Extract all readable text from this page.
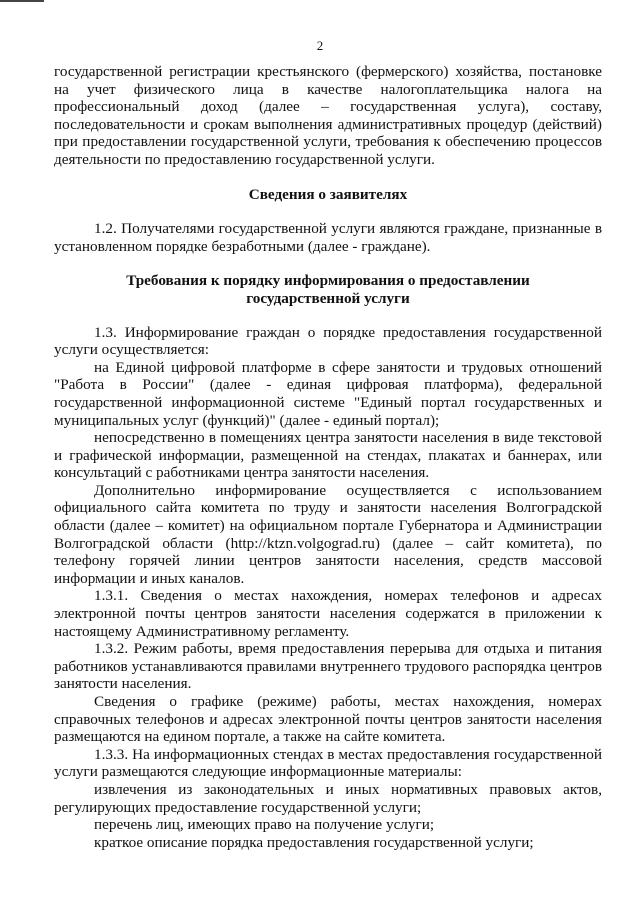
2
государственной регистрации крестьянского (фермерского) хозяйства, постановке на учет физического лица в качестве налогоплательщика налога на профессиональный доход (далее – государственная услуга), составу, последовательности и срокам выполнения административных процедур (действий) при предоставлении государственной услуги, требования к обеспечению процессов деятельности по предоставлению государственной услуги.
Сведения о заявителях
1.2. Получателями государственной услуги являются граждане, признанные в установленном порядке безработными (далее - граждане).
Требования к порядку информирования о предоставлении
государственной услуги
1.3. Информирование граждан о порядке предоставления государственной услуги осуществляется:
на Единой цифровой платформе в сфере занятости и трудовых отношений "Работа в России" (далее - единая цифровая платформа), федеральной государственной информационной системе "Единый портал государственных и муниципальных услуг (функций)" (далее - единый портал);
непосредственно в помещениях центра занятости населения в виде текстовой и графической информации, размещенной на стендах, плакатах и баннерах, или консультаций с работниками центра занятости населения.
Дополнительно информирование осуществляется с использованием официального сайта комитета по труду и занятости населения Волгоградской области (далее – комитет) на официальном портале Губернатора и Администрации Волгоградской области (http://ktzn.volgograd.ru) (далее – сайт комитета), по телефону горячей линии центров занятости населения, средств массовой информации и иных каналов.
1.3.1. Сведения о местах нахождения, номерах телефонов и адресах электронной почты центров занятости населения содержатся в приложении к настоящему Административному регламенту.
1.3.2. Режим работы, время предоставления перерыва для отдыха и питания работников устанавливаются правилами внутреннего трудового распорядка центров занятости населения.
Сведения о графике (режиме) работы, местах нахождения, номерах справочных телефонов и адресах электронной почты центров занятости населения размещаются на едином портале, а также на сайте комитета.
1.3.3. На информационных стендах в местах предоставления государственной услуги размещаются следующие информационные материалы:
извлечения из законодательных и иных нормативных правовых актов, регулирующих предоставление государственной услуги;
перечень лиц, имеющих право на получение услуги;
краткое описание порядка предоставления государственной услуги;
